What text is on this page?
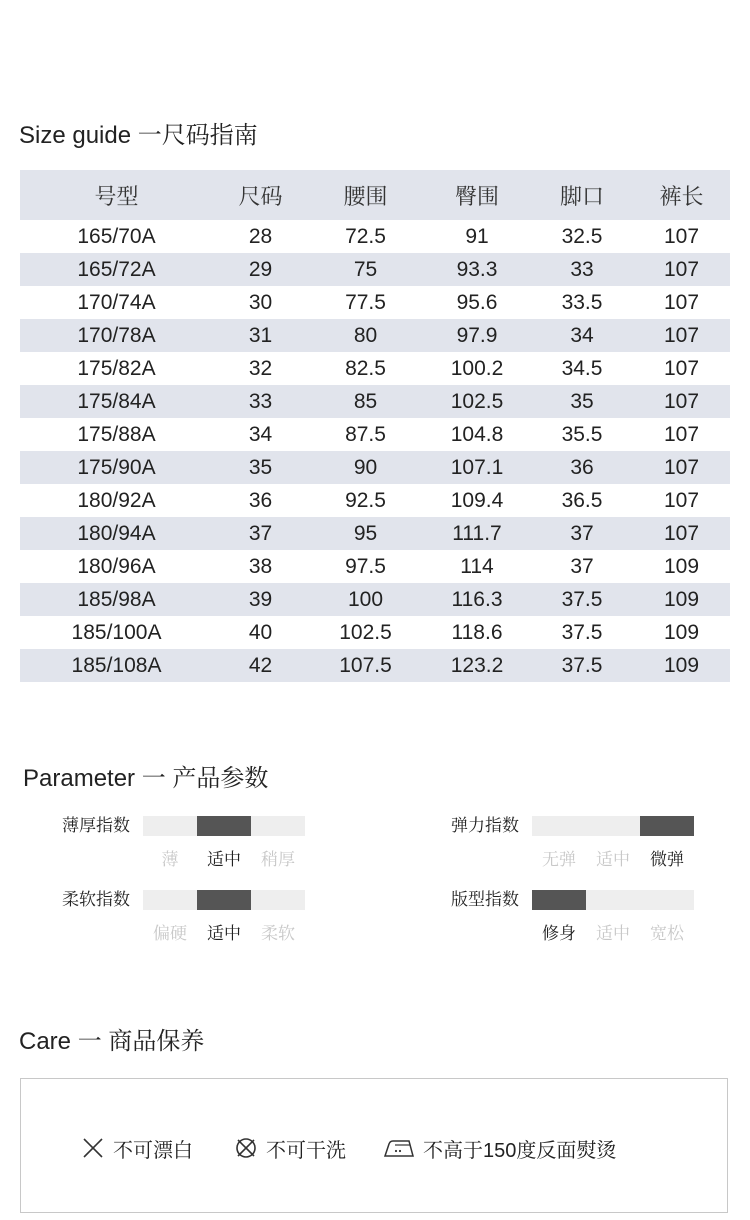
Size guide 一尺码指南
号型	尺码	腰围	臀围	脚口	裤长
165/70A	28	72.5	91	32.5	107
165/72A	29	75	93.3	33	107
170/74A	30	77.5	95.6	33.5	107
170/78A	31	80	97.9	34	107
175/82A	32	82.5	100.2	34.5	107
175/84A	33	85	102.5	35	107
175/88A	34	87.5	104.8	35.5	107
175/90A	35	90	107.1	36	107
180/92A	36	92.5	109.4	36.5	107
180/94A	37	95	111.7	37	107
180/96A	38	97.5	114	37	109
185/98A	39	100	116.3	37.5	109
185/100A	40	102.5	118.6	37.5	109
185/108A	42	107.5	123.2	37.5	109
Parameter 一 产品参数
薄厚指数
薄	适中	稍厚
弹力指数
无弹	适中	微弹
柔软指数
偏硬	适中	柔软
版型指数
修身	适中	宽松
Care 一 商品保养
不可漂白	不可干洗	不高于150度反面熨烫
